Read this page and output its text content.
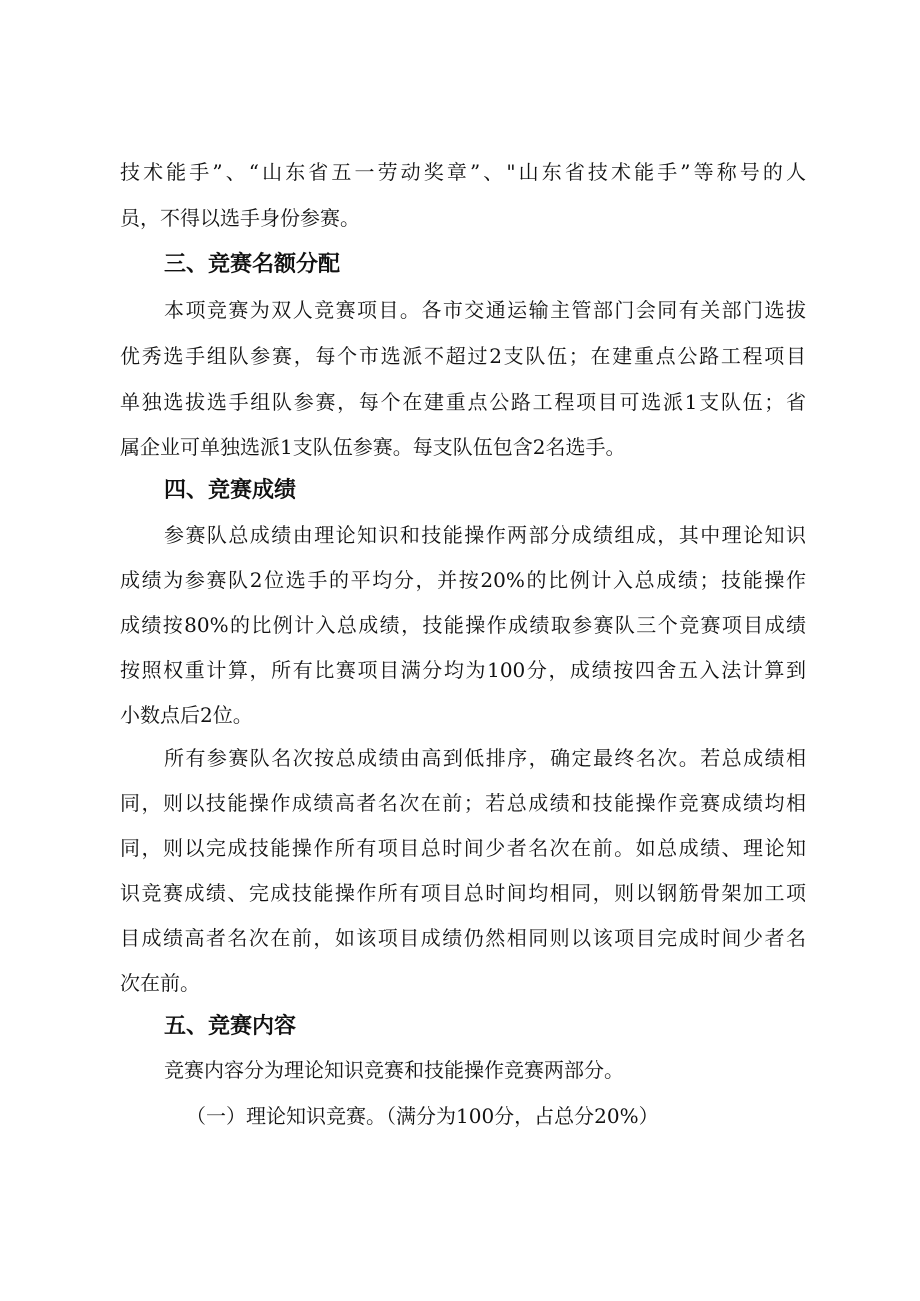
技术能手”、“山东省五一劳动奖章”、"山东省技术能手”等称号的人
员，不得以选手身份参赛。
三、竞赛名额分配
本项竞赛为双人竞赛项目。各市交通运输主管部门会同有关部门选拔
优秀选手组队参赛，每个市选派不超过2支队伍；在建重点公路工程项目
单独选拔选手组队参赛，每个在建重点公路工程项目可选派1支队伍；省
属企业可单独选派1支队伍参赛。每支队伍包含2名选手。
四、竞赛成绩
参赛队总成绩由理论知识和技能操作两部分成绩组成，其中理论知识
成绩为参赛队2位选手的平均分，并按20%的比例计入总成绩；技能操作
成绩按80%的比例计入总成绩，技能操作成绩取参赛队三个竞赛项目成绩
按照权重计算，所有比赛项目满分均为100分，成绩按四舍五入法计算到
小数点后2位。
所有参赛队名次按总成绩由高到低排序，确定最终名次。若总成绩相
同，则以技能操作成绩高者名次在前；若总成绩和技能操作竞赛成绩均相
同，则以完成技能操作所有项目总时间少者名次在前。如总成绩、理论知
识竞赛成绩、完成技能操作所有项目总时间均相同，则以钢筋骨架加工项
目成绩高者名次在前，如该项目成绩仍然相同则以该项目完成时间少者名
次在前。
五、竞赛内容
竞赛内容分为理论知识竞赛和技能操作竞赛两部分。
（一）理论知识竞赛。（满分为100分，占总分20%）
